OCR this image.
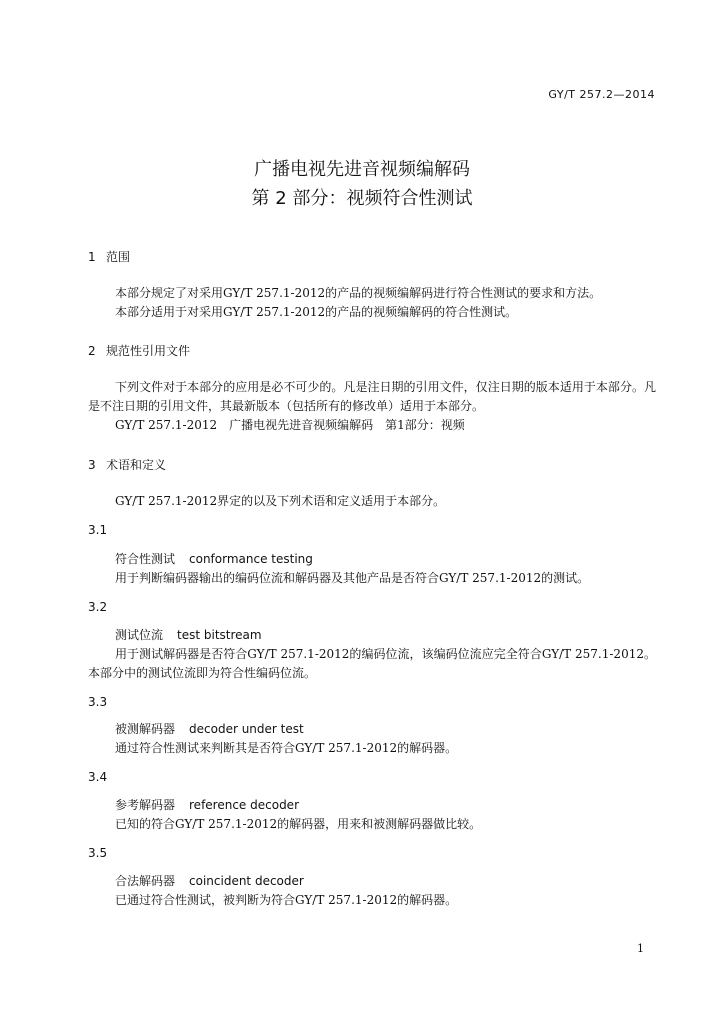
GY/T 257.2—2014
广播电视先进音视频编解码
第 2 部分：视频符合性测试
1 范围
本部分规定了对采用GY/T 257.1-2012的产品的视频编解码进行符合性测试的要求和方法。
本部分适用于对采用GY/T 257.1-2012的产品的视频编解码的符合性测试。
2 规范性引用文件
下列文件对于本部分的应用是必不可少的。凡是注日期的引用文件，仅注日期的版本适用于本部分。凡是不注日期的引用文件，其最新版本（包括所有的修改单）适用于本部分。
GY/T 257.1-2012　广播电视先进音视频编解码　第1部分：视频
3 术语和定义
GY/T 257.1-2012界定的以及下列术语和定义适用于本部分。
3.1
符合性测试 conformance testing
用于判断编码器输出的编码位流和解码器及其他产品是否符合GY/T 257.1-2012的测试。
3.2
测试位流 test bitstream
用于测试解码器是否符合GY/T 257.1-2012的编码位流，该编码位流应完全符合GY/T 257.1-2012。本部分中的测试位流即为符合性编码位流。
3.3
被测解码器 decoder under test
通过符合性测试来判断其是否符合GY/T 257.1-2012的解码器。
3.4
参考解码器 reference decoder
已知的符合GY/T 257.1-2012的解码器，用来和被测解码器做比较。
3.5
合法解码器 coincident decoder
已通过符合性测试，被判断为符合GY/T 257.1-2012的解码器。
1
